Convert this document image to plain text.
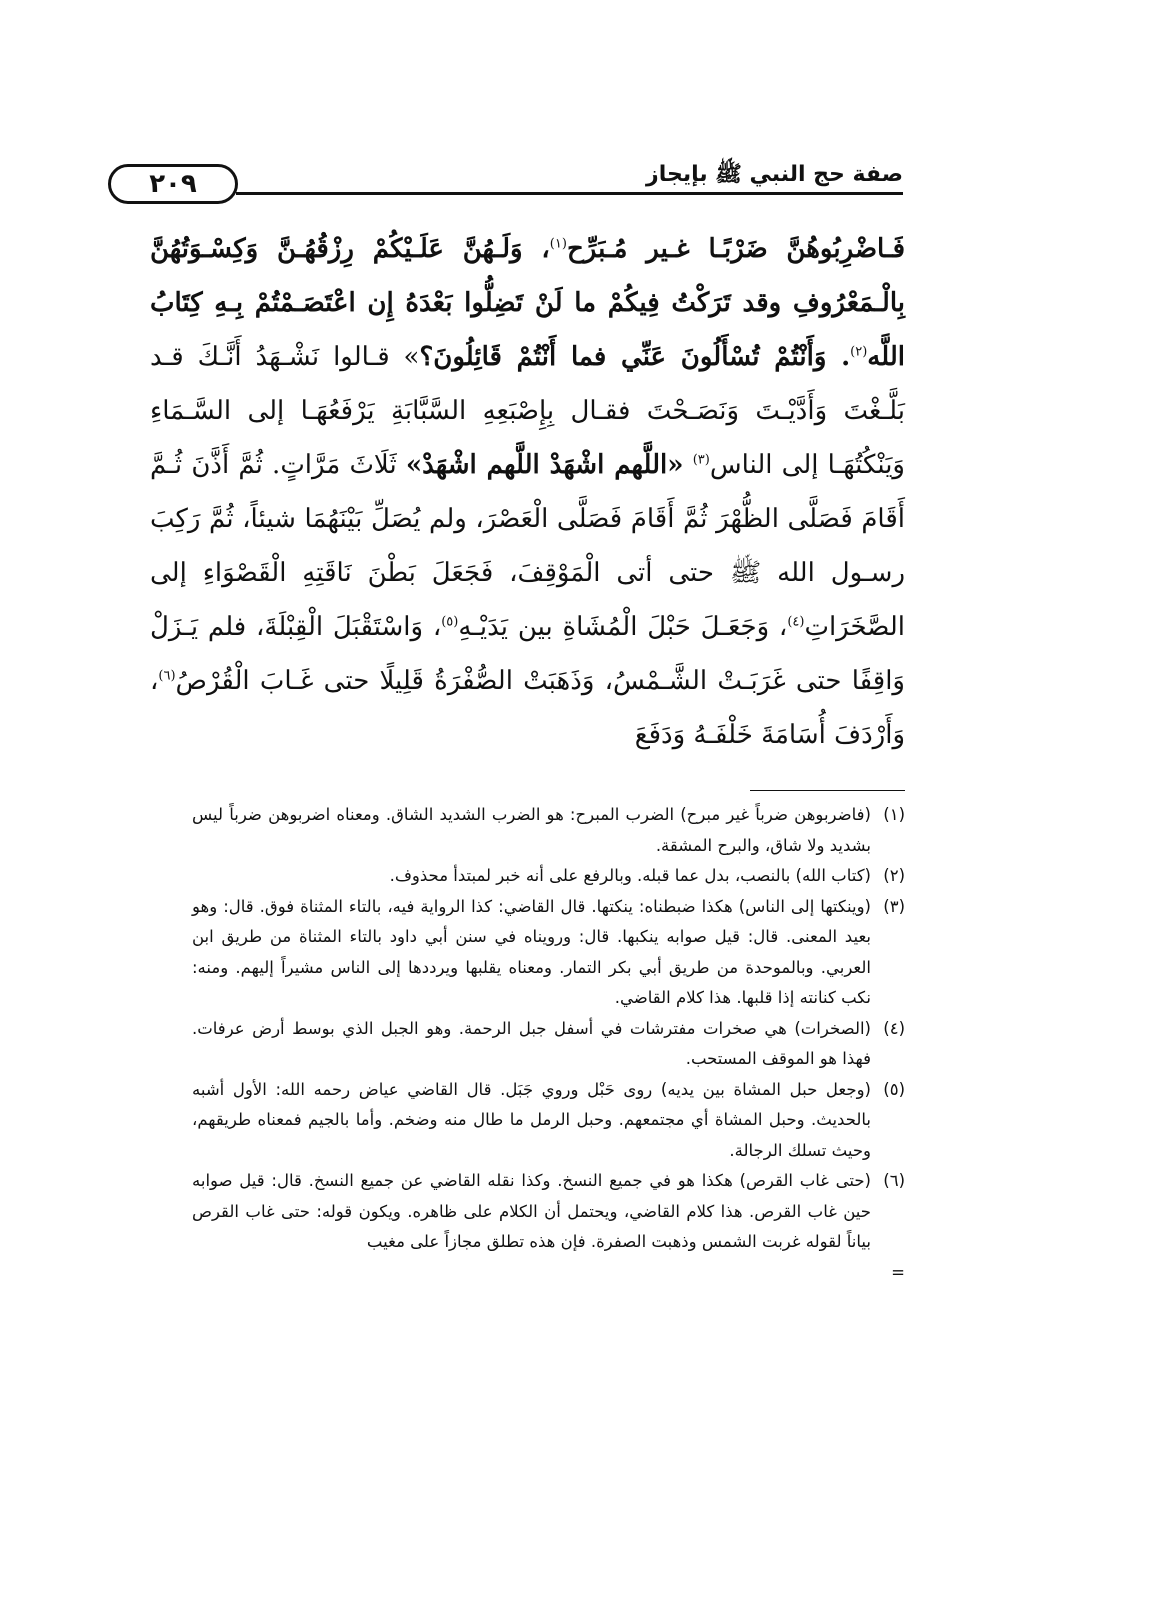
صفة حج النبي ﷺ بإيجاز
٢٠٩

فَـاضْرِبُوهُنَّ ضَرْبًـا غـير مُـبَرِّح$^{(١)}$، وَلَـهُنَّ عَلَـيْكُمْ رِزْقُهُـنَّ وَكِسْـوَتُهُنَّ بِالْـمَعْرُوفِ وقد تَرَكْتُ فِيكُمْ ما لَنْ تَضِلُّوا بَعْدَهُ إِن اعْتَصَـمْتُمْ بِـهِ كِتَابُ اللَّه$^{(٢)}$. وَأَنْتُمْ تُسْأَلُونَ عَنِّي فما أَنْتُمْ قَائِلُونَ؟» قـالوا نَشْـهَدُ أَنَّـكَ قـد بَلَّـغْتَ وَأَدَّيْـتَ وَنَصَـحْتَ فقـال بِإِصْبَعِهِ السَّبَّابَةِ يَرْفَعُهَـا إلى السَّـمَاءِ وَيَنْكُتُهَـا إلى الناس$^{(٣)}$ «اللَّهم اشْهَدْ اللَّهم اشْهَدْ» ثَلَاثَ مَرَّاتٍ. ثُمَّ أَذَّنَ ثُـمَّ أَقَامَ فَصَلَّى الظُّهْرَ ثُمَّ أَقَامَ فَصَلَّى الْعَصْرَ، ولم يُصَلِّ بَيْنَهُمَا شيئاً، ثُمَّ رَكِبَ رسـول الله ﷺ حتى أتى الْمَوْقِفَ، فَجَعَلَ بَطْنَ نَاقَتِهِ الْقَصْوَاءِ إلى الصَّخَرَاتِ$^{(٤)}$، وَجَعَـلَ حَبْلَ الْمُشَاةِ بين يَدَيْـهِ$^{(٥)}$، وَاسْتَقْبَلَ الْقِبْلَةَ، فلم يَـزَلْ وَاقِفًا حتى غَرَبَـتْ الشَّـمْسُ، وَذَهَبَتْ الصُّفْرَةُ قَلِيلًا حتى غَـابَ الْقُرْصُ$^{(٦)}$، وَأَرْدَفَ أُسَامَةَ خَلْفَـهُ وَدَفَعَ

(١)
(فاضربوهن ضرباً غير مبرح) الضرب المبرح: هو الضرب الشديد الشاق. ومعناه اضربوهن ضرباً ليس بشديد ولا شاق، والبرح المشقة.
(٢)
(كتاب الله) بالنصب، بدل عما قبله. وبالرفع على أنه خبر لمبتدأ محذوف.
(٣)
(وينكتها إلى الناس) هكذا ضبطناه: ينكتها. قال القاضي: كذا الرواية فيه، بالتاء المثناة فوق. قال: وهو بعيد المعنى. قال: قيل صوابه ينكبها. قال: ورويناه في سنن أبي داود بالتاء المثناة من طريق ابن العربي. وبالموحدة من طريق أبي بكر التمار. ومعناه يقلبها ويرددها إلى الناس مشيراً إليهم. ومنه: نكب كنانته إذا قلبها. هذا كلام القاضي.
(٤)
(الصخرات) هي صخرات مفترشات في أسفل جبل الرحمة. وهو الجبل الذي بوسط أرض عرفات. فهذا هو الموقف المستحب.
(٥)
(وجعل حبل المشاة بين يديه) روى حَبْل وروي جَبَل. قال القاضي عياض رحمه الله: الأول أشبه بالحديث. وحبل المشاة أي مجتمعهم. وحبل الرمل ما طال منه وضخم. وأما بالجيم فمعناه طريقهم، وحيث تسلك الرجالة.
(٦)
(حتى غاب القرص) هكذا هو في جميع النسخ. وكذا نقله القاضي عن جميع النسخ. قال: قيل صوابه حين غاب القرص. هذا كلام القاضي، ويحتمل أن الكلام على ظاهره. ويكون قوله: حتى غاب القرص بياناً لقوله غربت الشمس وذهبت الصفرة. فإن هذه تطلق مجازاً على مغيب
=
